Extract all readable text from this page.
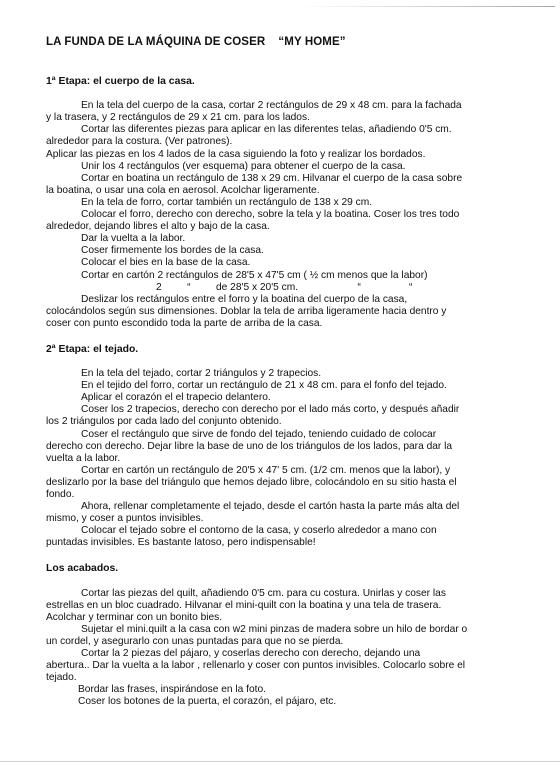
LA FUNDA DE LA MÁQUINA DE COSER    “MY HOME”
1ª Etapa: el cuerpo de la casa.
En la tela del cuerpo de la casa, cortar 2 rectángulos de 29 x 48 cm. para la fachada
y la trasera, y 2 rectángulos de 29 x 21 cm. para los lados.
Cortar las diferentes piezas para aplicar en las diferentes telas, añadiendo 0'5 cm.
alrededor para la costura. (Ver patrones).
Aplicar las piezas en los 4 lados de la casa siguiendo la foto y realizar los bordados.
Unir los 4 rectángulos (ver esquema) para obtener el cuerpo de la casa.
Cortar en boatina un rectángulo de 138 x 29 cm. Hilvanar el cuerpo de la casa sobre
la boatina, o usar una cola en aerosol. Acolchar ligeramente.
En la tela de forro, cortar también un rectángulo de 138 x 29 cm.
Colocar el forro, derecho con derecho, sobre la tela y la boatina. Coser los tres todo
alrededor, dejando libres el alto y bajo de la casa.
Dar la vuelta a la labor.
Coser firmemente los bordes de la casa.
Colocar el bies en la base de la casa.
Cortar en cartón 2 rectángulos de 28'5 x 47'5 cm ( ½ cm menos que la labor)
2         “         de 28'5 x 20'5 cm.                     “                 “
Deslizar los rectángulos entre el forro y la boatina del cuerpo de la casa,
colocándolos según sus dimensiones. Doblar la tela de arriba ligeramente hacia dentro y
coser con punto escondido toda la parte de arriba de la casa.
2ª Etapa: el tejado.
En la tela del tejado, cortar 2 triángulos y 2 trapecios.
En el tejido del forro, cortar un rectángulo de 21 x 48 cm. para el fonfo del tejado.
Aplicar el corazón el el trapecio delantero.
Coser los 2 trapecios, derecho con derecho por el lado más corto, y después añadir
los 2 triángulos por cada lado del conjunto obtenido.
Coser el rectángulo que sirve de fondo del tejado, teniendo cuidado de colocar
derecho con derecho. Dejar libre la base de uno de los triángulos de los lados, para dar la
vuelta a la labor.
Cortar en cartón un rectángulo de 20'5 x 47' 5 cm. (1/2 cm. menos que la labor), y
deslizarlo por la base del triángulo que hemos dejado libre, colocándolo en su sitio hasta el
fondo.
Ahora, rellenar completamente el tejado, desde el cartón hasta la parte más alta del
mismo, y coser a puntos invisibles.
Colocar el tejado sobre el contorno de la casa, y coserlo alrededor a mano con
puntadas invisibles. Es bastante latoso, pero indispensable!
Los acabados.
Cortar las piezas del quilt, añadiendo 0'5 cm. para cu costura. Unirlas y coser las
estrellas en un bloc cuadrado. Hilvanar el mini-quilt con la boatina y una tela de trasera.
Acolchar y terminar con un bonito bies.
Sujetar el mini.quilt a la casa con w2 mini pinzas de madera sobre un hilo de bordar o
un cordel, y asegurarlo con unas puntadas para que no se pierda.
Cortar la 2 piezas del pájaro, y coserlas derecho con derecho, dejando una
abertura.. Dar la vuelta a la labor , rellenarlo y coser con puntos invisibles. Colocarlo sobre el
tejado.
Bordar las frases, inspirándose en la foto.
Coser los botones de la puerta, el corazón, el pájaro, etc.
